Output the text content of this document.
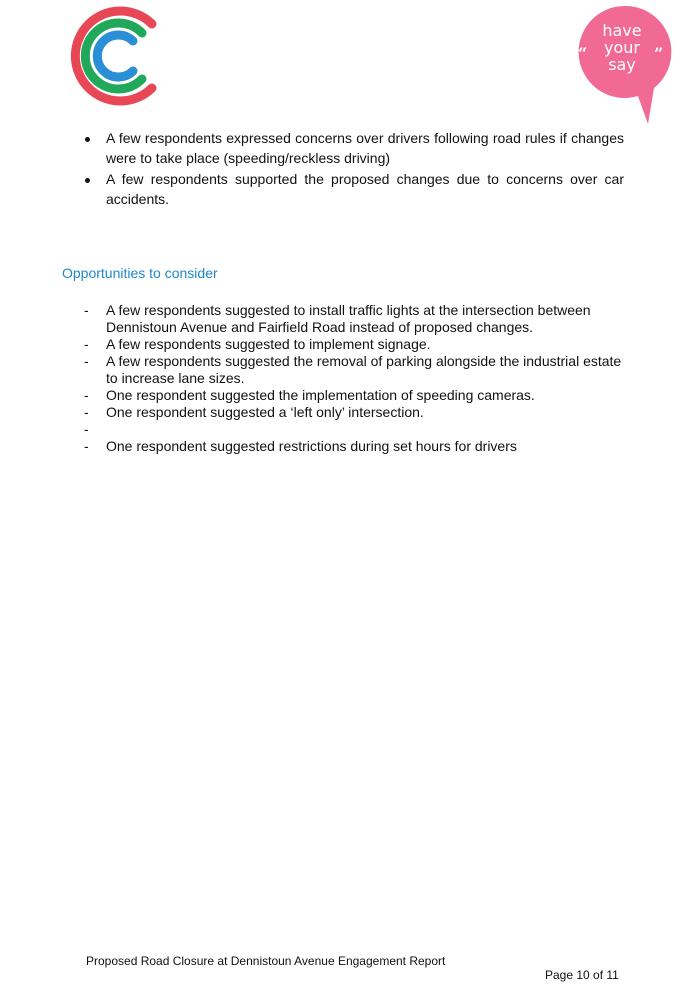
have
your
say
“	”
A few respondents expressed concerns over drivers following road rules if changes were to take place (speeding/reckless driving)
A few respondents supported the proposed changes due to concerns over car accidents.
Opportunities to consider
- A few respondents suggested to install traffic lights at the intersection between Dennistoun Avenue and Fairfield Road instead of proposed changes.
- A few respondents suggested to implement signage.
- A few respondents suggested the removal of parking alongside the industrial estate to increase lane sizes.
- One respondent suggested the implementation of speeding cameras.
- One respondent suggested a ‘left only’ intersection.
-
- One respondent suggested restrictions during set hours for drivers
Proposed Road Closure at Dennistoun Avenue Engagement Report
Page 10 of 11
